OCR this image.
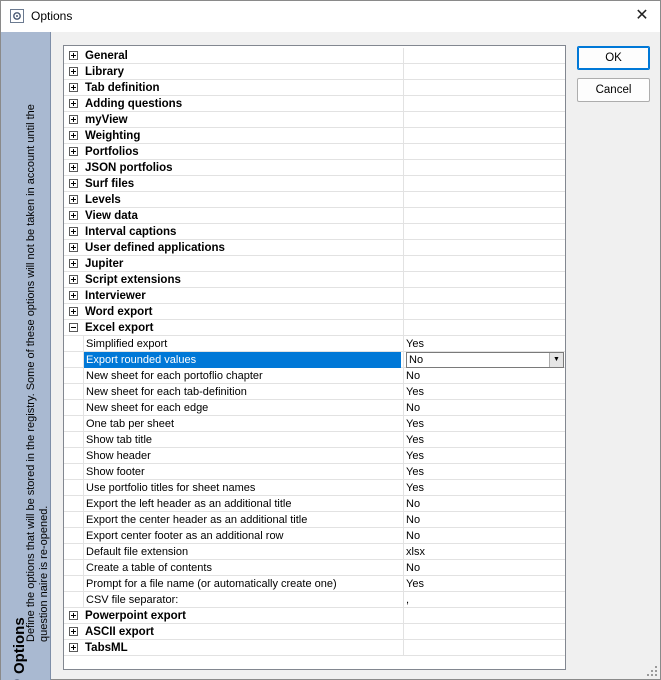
Options	✕
Define the options that will be stored in the registry. Some of these options will not be taken in account until the question naire is re-opened.
Options
General
Library
Tab definition
Adding questions
myView
Weighting
Portfolios
JSON portfolios
Surf files
Levels
View data
Interval captions
User defined applications
Jupiter
Script extensions
Interviewer
Word export
Excel export
Simplified export	Yes
Export rounded values	No	▼
New sheet for each portoflio chapter	No
New sheet for each tab-definition	Yes
New sheet for each edge	No
One tab per sheet	Yes
Show tab title	Yes
Show header	Yes
Show footer	Yes
Use portfolio titles for sheet names	Yes
Export the left header as an additional title	No
Export the center header as an additional title	No
Export center footer as an additional row	No
Default file extension	xlsx
Create a table of contents	No
Prompt for a file name (or automatically create one)	Yes
CSV file separator:	,
Powerpoint export
ASCII export
TabsML
OK
Cancel
